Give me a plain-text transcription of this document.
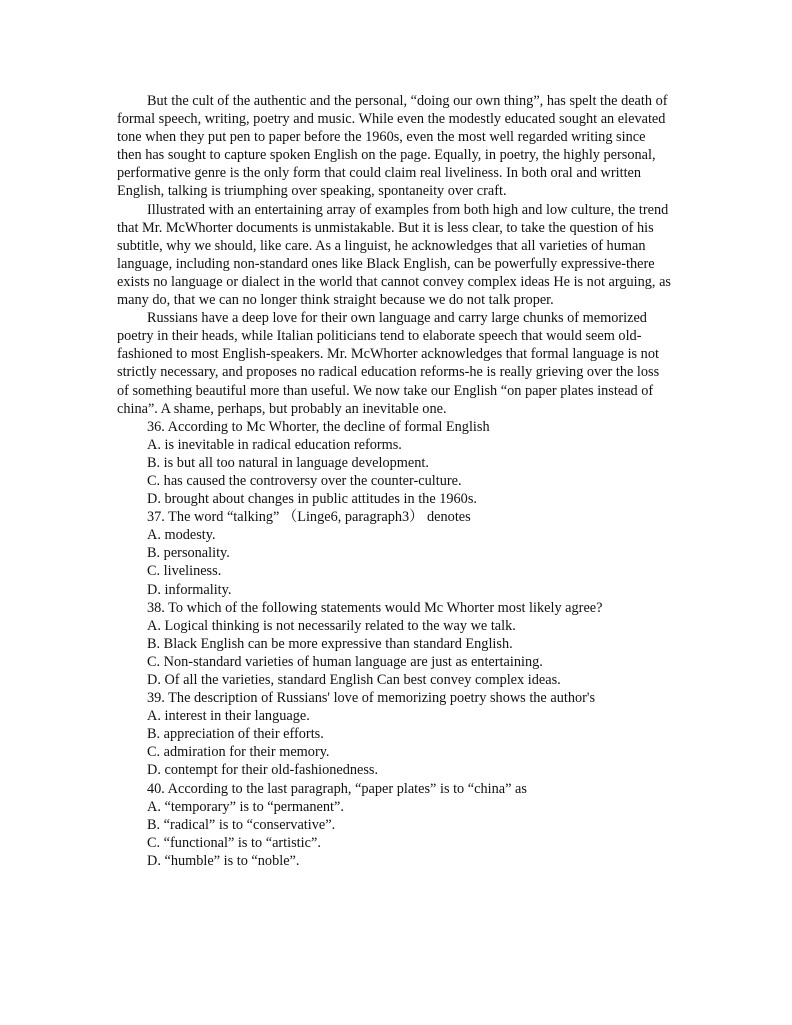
But the cult of the authentic and the personal, “doing our own thing”, has spelt the death of formal speech, writing, poetry and music. While even the modestly educated sought an elevated tone when they put pen to paper before the 1960s, even the most well regarded writing since then has sought to capture spoken English on the page. Equally, in poetry, the highly personal, performative genre is the only form that could claim real liveliness. In both oral and written English, talking is triumphing over speaking, spontaneity over craft.

Illustrated with an entertaining array of examples from both high and low culture, the trend that Mr. McWhorter documents is unmistakable. But it is less clear, to take the question of his subtitle, why we should, like care. As a linguist, he acknowledges that all varieties of human language, including non-standard ones like Black English, can be powerfully expressive-there exists no language or dialect in the world that cannot convey complex ideas He is not arguing, as many do, that we can no longer think straight because we do not talk proper.

Russians have a deep love for their own language and carry large chunks of memorized poetry in their heads, while Italian politicians tend to elaborate speech that would seem old-fashioned to most English-speakers. Mr. McWhorter acknowledges that formal language is not strictly necessary, and proposes no radical education reforms-he is really grieving over the loss of something beautiful more than useful. We now take our English “on paper plates instead of china”. A shame, perhaps, but probably an inevitable one.

36. According to Mc Whorter, the decline of formal English
A. is inevitable in radical education reforms.
B. is but all too natural in language development.
C. has caused the controversy over the counter-culture.
D. brought about changes in public attitudes in the 1960s.
37. The word “talking” （Linge6, paragraph3） denotes
A. modesty.
B. personality.
C. liveliness.
D. informality.
38. To which of the following statements would Mc Whorter most likely agree?
A. Logical thinking is not necessarily related to the way we talk.
B. Black English can be more expressive than standard English.
C. Non-standard varieties of human language are just as entertaining.
D. Of all the varieties, standard English Can best convey complex ideas.
39. The description of Russians' love of memorizing poetry shows the author's
A. interest in their language.
B. appreciation of their efforts.
C. admiration for their memory.
D. contempt for their old-fashionedness.
40. According to the last paragraph, “paper plates” is to “china” as
A. “temporary” is to “permanent”.
B. “radical” is to “conservative”.
C. “functional” is to “artistic”.
D. “humble” is to “noble”.
